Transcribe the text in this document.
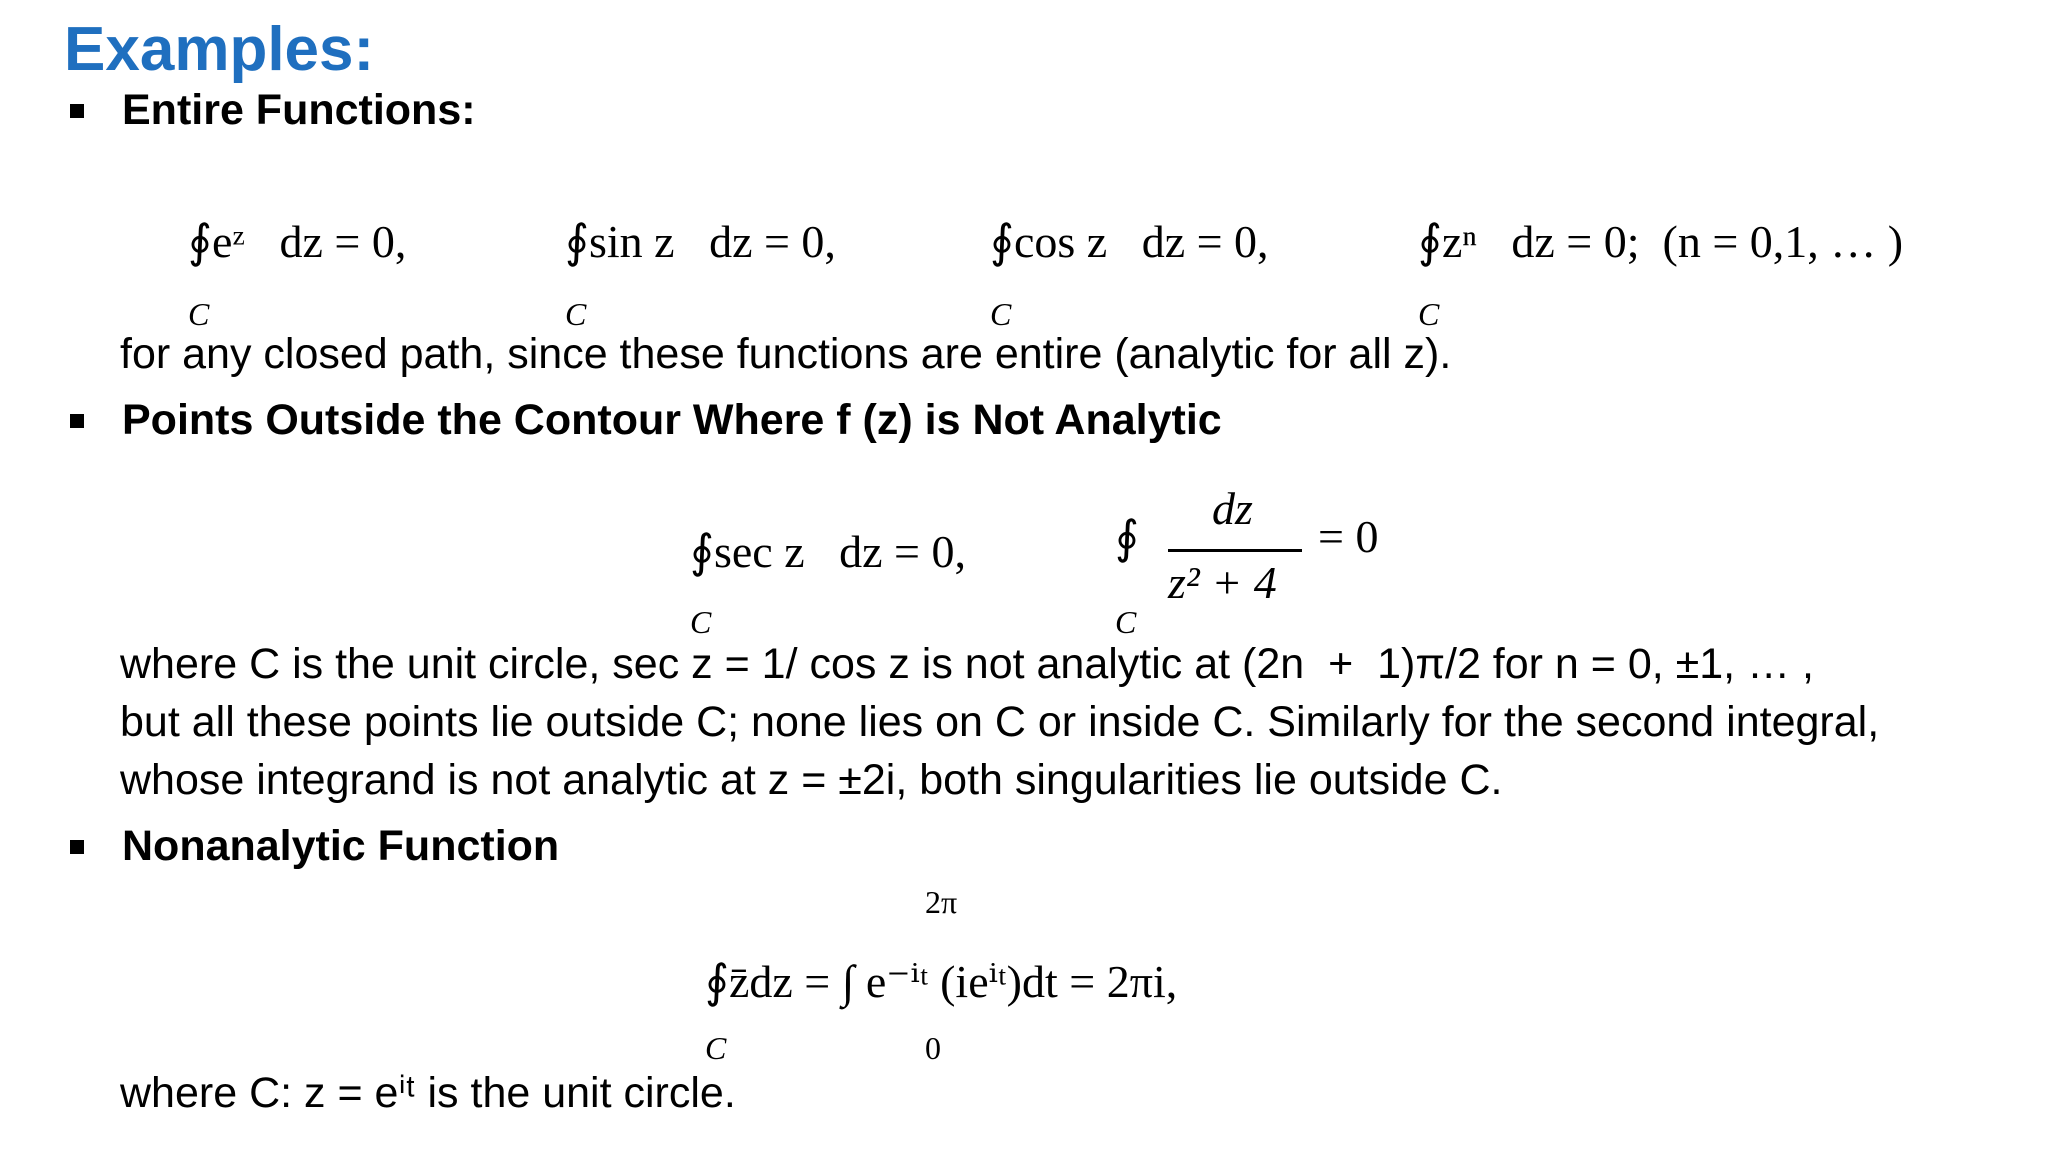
Examples:
Entire Functions:
∮eᶻ   dz = 0,	∮sin z   dz = 0,	∮cos z   dz = 0,	∮zⁿ   dz = 0;  (n = 0,1, … )
C	C	C	C
for any closed path, since these functions are entire (analytic for all z).
Points Outside the Contour Where f (z) is Not Analytic
∮sec z   dz = 0,	∮
dz
z² + 4
= 0
C	C
where C is the unit circle, sec z = 1/ cos z is not analytic at (2n  +  1)π/2 for n = 0, ±1, … ,
but all these points lie outside C; none lies on C or inside C. Similarly for the second integral,
whose integrand is not analytic at z = ±2i, both singularities lie outside C.
Nonanalytic Function
2π
∮z̄dz = ∫ e⁻ⁱᵗ (ieⁱᵗ)dt = 2πi,
C	0
where C: z = eⁱᵗ is the unit circle.
